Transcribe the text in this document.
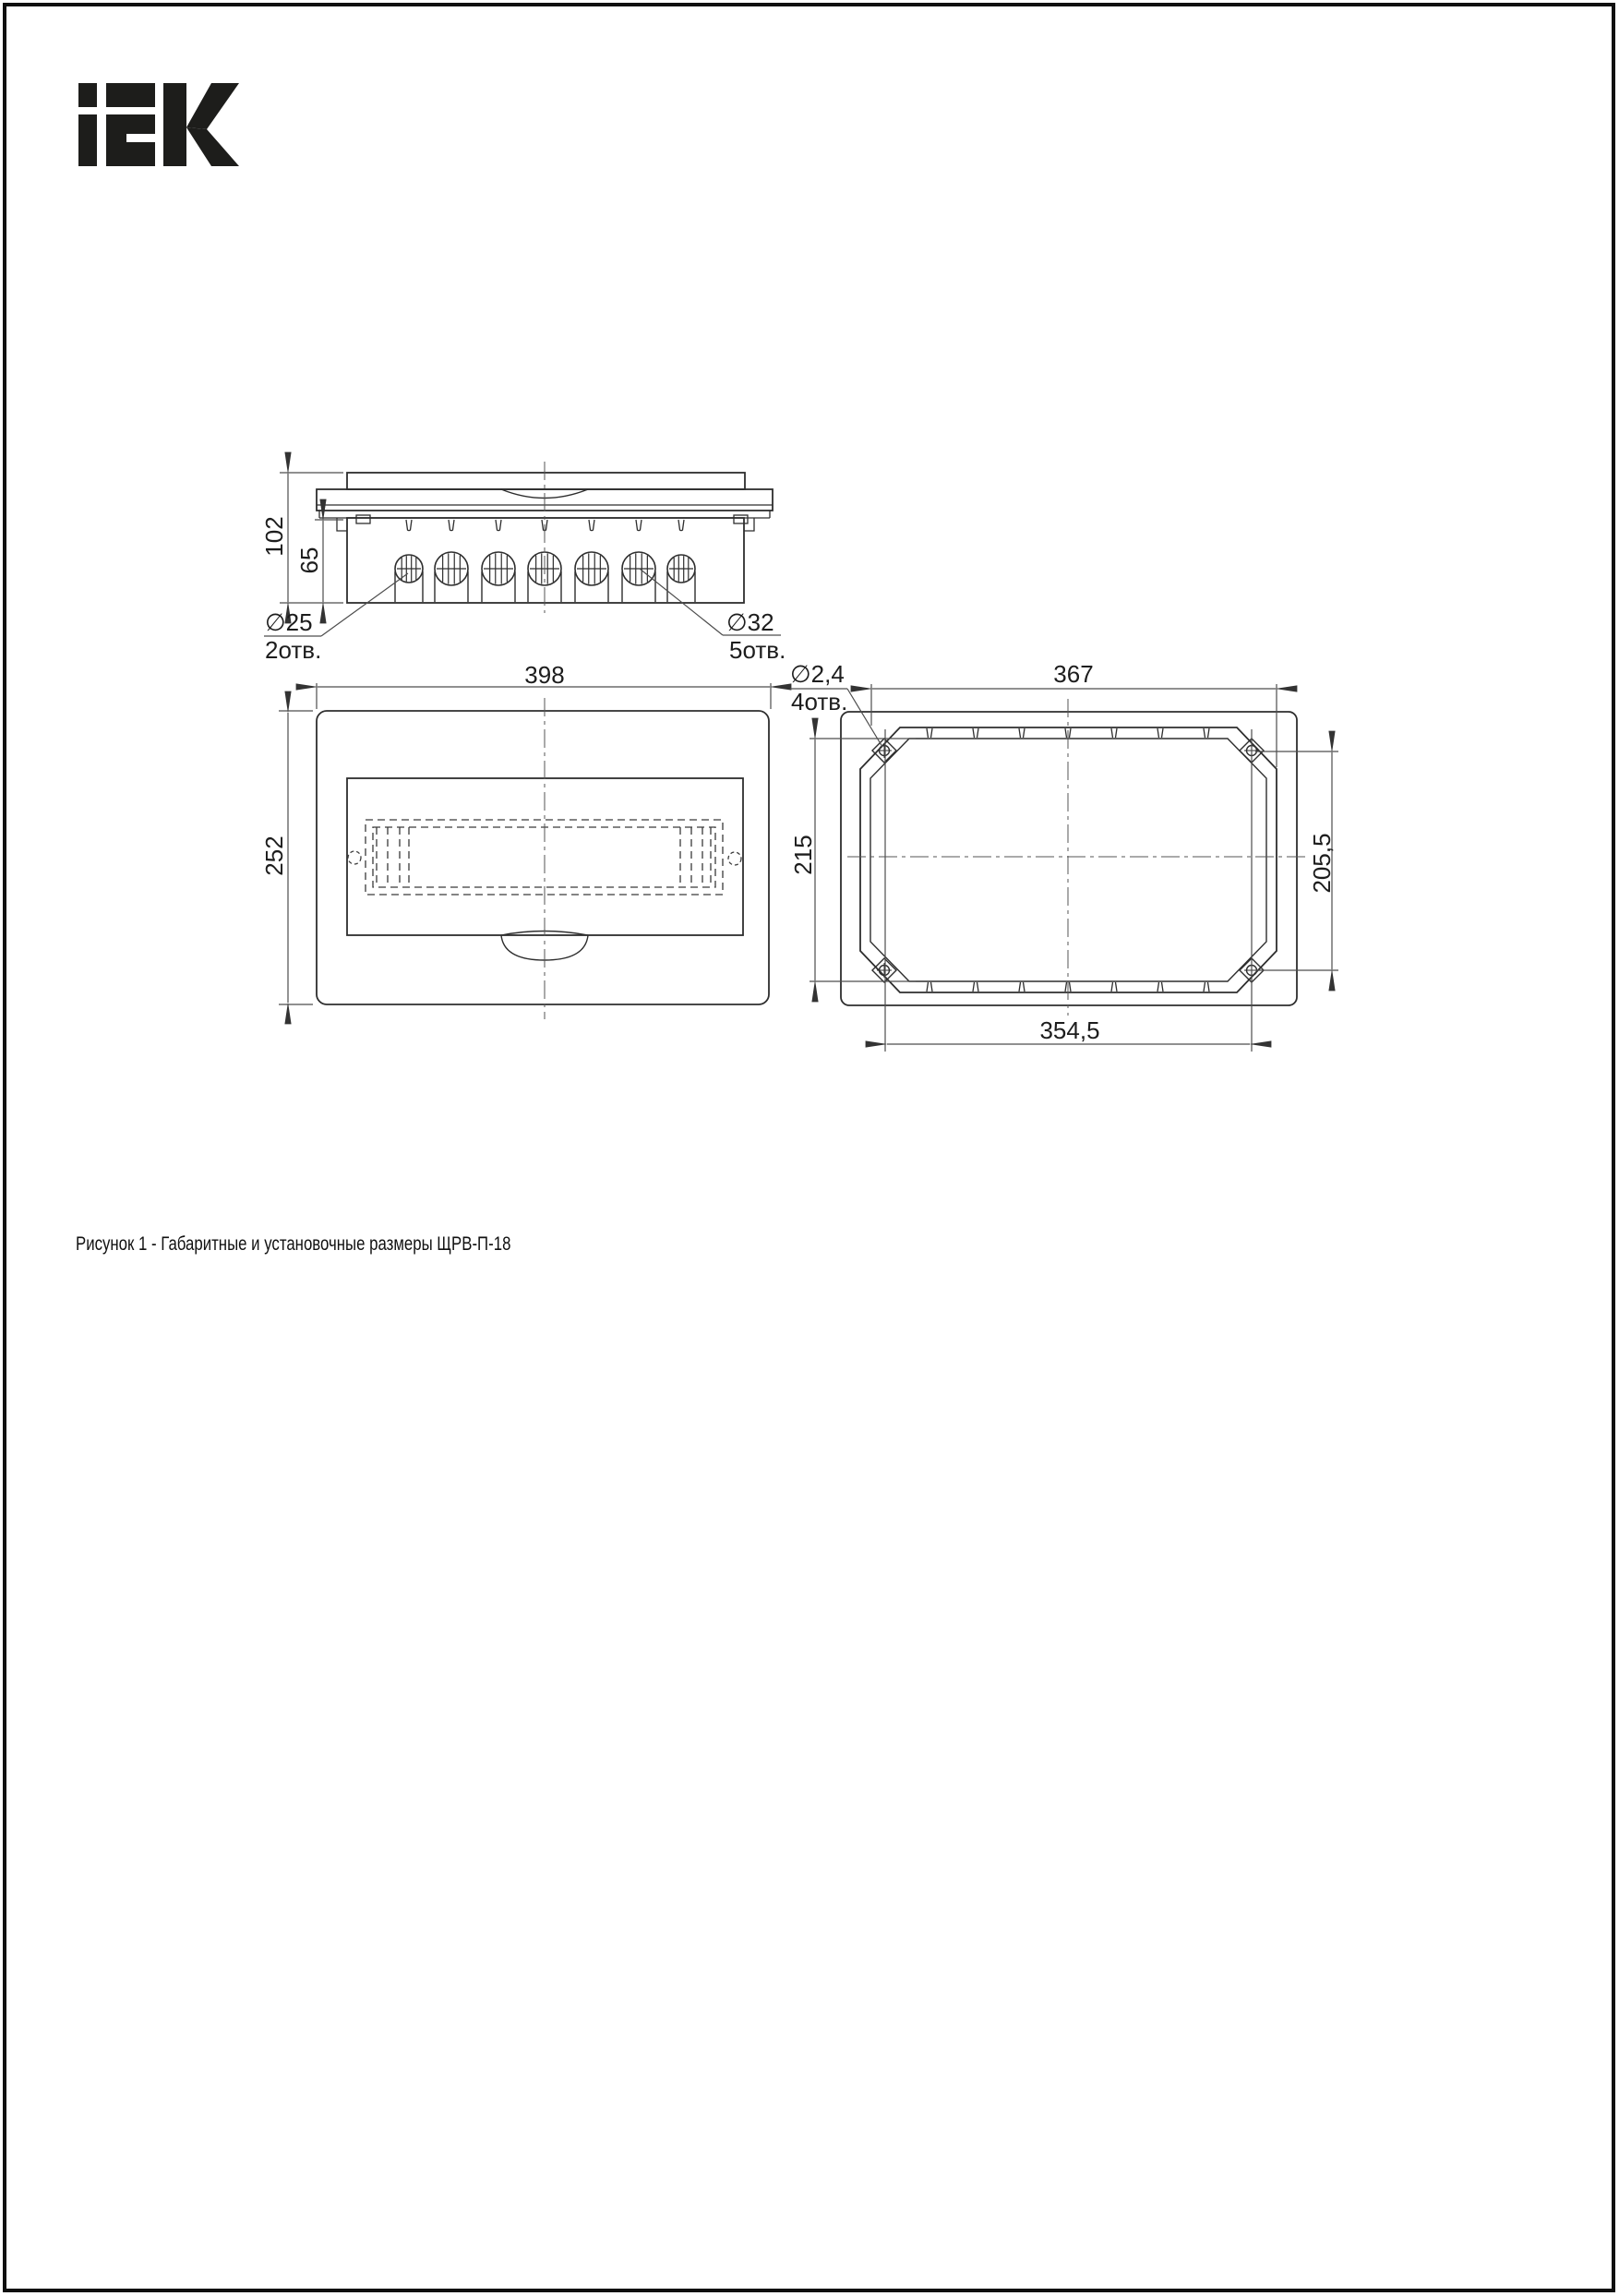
102
65
∅25
2отв.
∅32
5отв.
398
252
∅2,4
4отв.
367
215	205,5
354,5
Рисунок 1 - Габаритные и установочные размеры ЩРВ-П-18
